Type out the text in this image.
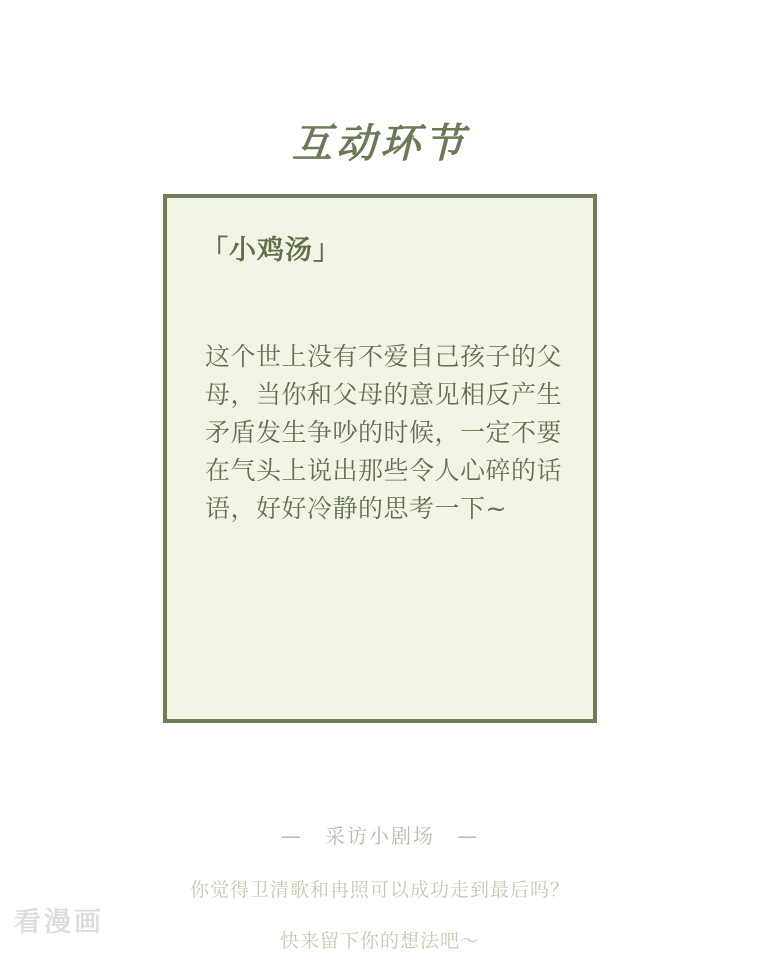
互动环节
「小鸡汤」
这个世上没有不爱自己孩子的父母，当你和父母的意见相反产生矛盾发生争吵的时候，一定不要在气头上说出那些令人心碎的话语，好好冷静的思考一下~
— 采访小剧场 —
你觉得卫清歌和冉照可以成功走到最后吗？
快来留下你的想法吧～
看漫画
